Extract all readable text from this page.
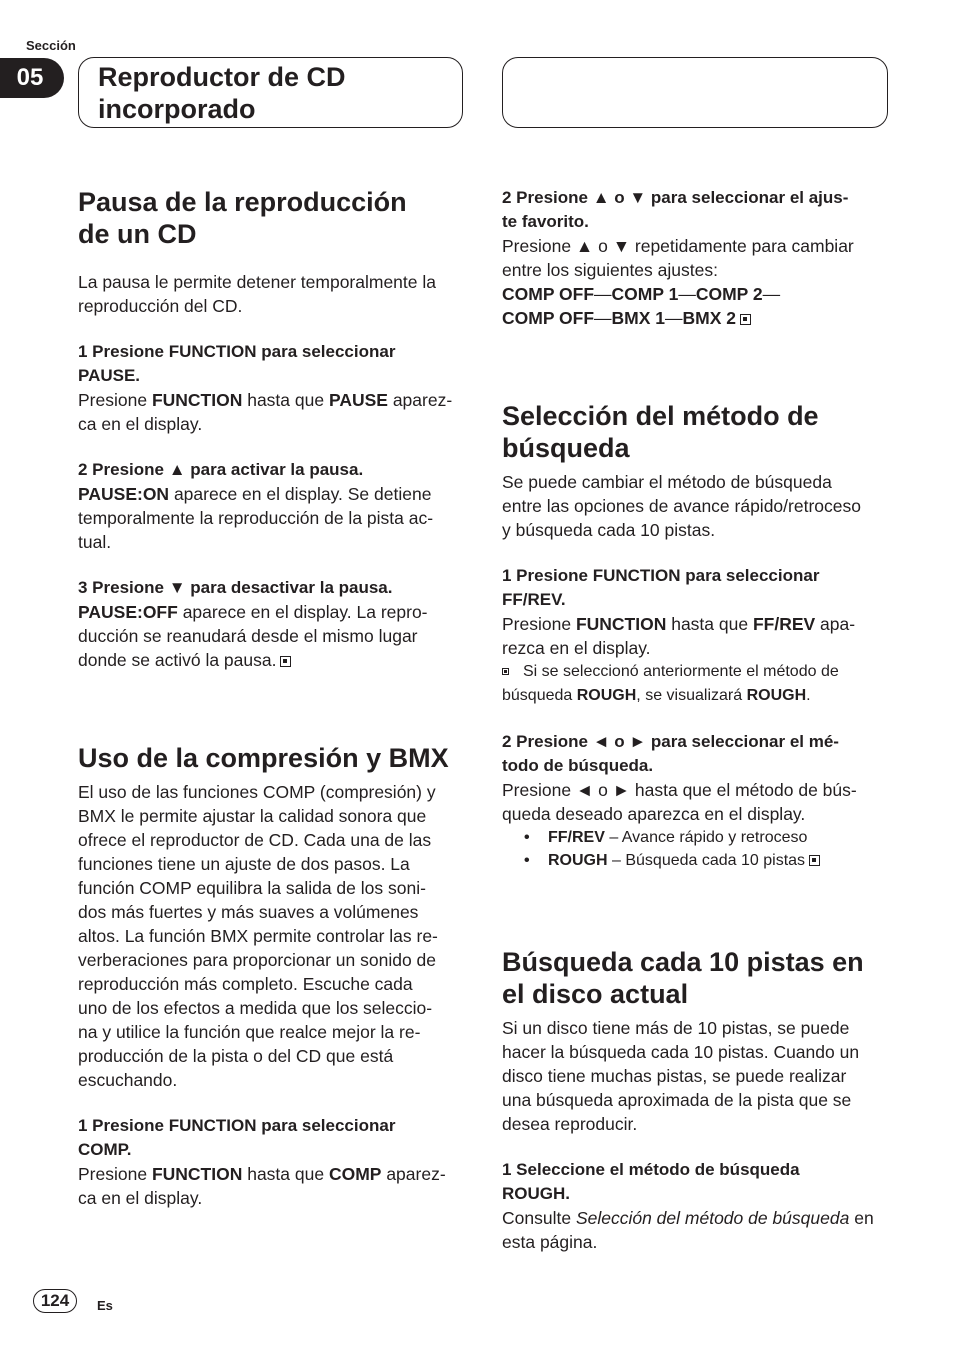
Sección
05	Reproductor de CD
incorporado
Pausa de la reproducción
de un CD

La pausa le permite detener temporalmente la
reproducción del CD.

1 Presione FUNCTION para seleccionar
PAUSE.

Presione FUNCTION hasta que PAUSE aparez-
ca en el display.

2 Presione ▲ para activar la pausa.

PAUSE:ON aparece en el display. Se detiene
temporalmente la reproducción de la pista ac-
tual.

3 Presione ▼ para desactivar la pausa.

PAUSE:OFF aparece en el display. La repro-
ducción se reanudará desde el mismo lugar
donde se activó la pausa.

Uso de la compresión y BMX

El uso de las funciones COMP (compresión) y
BMX le permite ajustar la calidad sonora que
ofrece el reproductor de CD. Cada una de las
funciones tiene un ajuste de dos pasos. La
función COMP equilibra la salida de los soni-
dos más fuertes y más suaves a volúmenes
altos. La función BMX permite controlar las re-
verberaciones para proporcionar un sonido de
reproducción más completo. Escuche cada
uno de los efectos a medida que los seleccio-
na y utilice la función que realce mejor la re-
producción de la pista o del CD que está
escuchando.

1 Presione FUNCTION para seleccionar
COMP.

Presione FUNCTION hasta que COMP aparez-
ca en el display.

2 Presione ▲ o ▼ para seleccionar el ajus-
te favorito.

Presione ▲ o ▼ repetidamente para cambiar
entre los siguientes ajustes:

COMP OFF—COMP 1—COMP 2—
COMP OFF—BMX 1—BMX 2

Selección del método de
búsqueda

Se puede cambiar el método de búsqueda
entre las opciones de avance rápido/retroceso
y búsqueda cada 10 pistas.

1 Presione FUNCTION para seleccionar
FF/REV.

Presione FUNCTION hasta que FF/REV apa-
rezca en el display.

Si se seleccionó anteriormente el método de
búsqueda ROUGH, se visualizará ROUGH.
2 Presione ◄ o ► para seleccionar el mé-
todo de búsqueda.

Presione ◄ o ► hasta que el método de bús-
queda deseado aparezca en el display.

• FF/REV – Avance rápido y retroceso
• ROUGH – Búsqueda cada 10 pistas
Búsqueda cada 10 pistas en
el disco actual

Si un disco tiene más de 10 pistas, se puede
hacer la búsqueda cada 10 pistas. Cuando un
disco tiene muchas pistas, se puede realizar
una búsqueda aproximada de la pista que se
desea reproducir.

1 Seleccione el método de búsqueda
ROUGH.

Consulte Selección del método de búsqueda en
esta página.

124	Es
